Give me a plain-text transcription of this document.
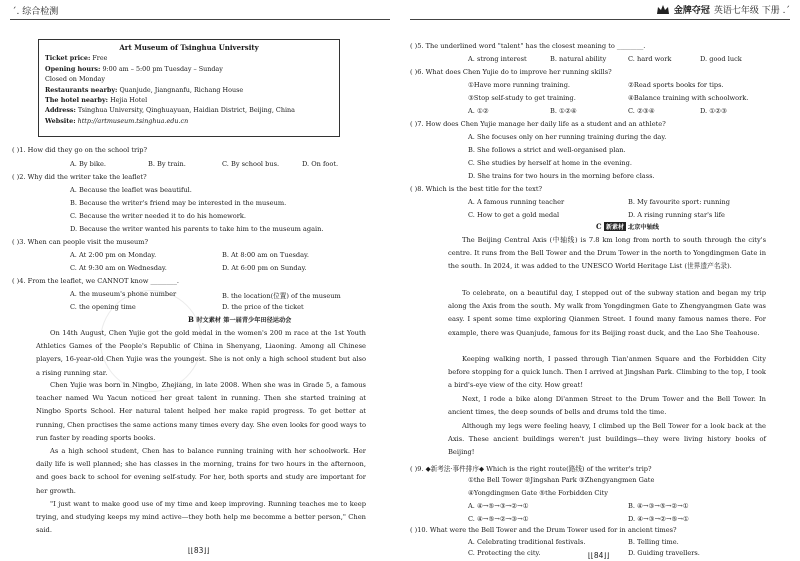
´. 综合检测
Art Museum of Tsinghua University
Ticket price: Free
Opening hours: 9:00 am – 5:00 pm Tuesday – Sunday
Closed on Monday
Restaurants nearby: Quanjude, Jiangnanfu, Richang House
The hotel nearby: Hejia Hotel
Address: Tsinghua University, Qinghuayuan, Haidian District, Beijing, China
Website: http://artmuseum.tsinghua.edu.cn
( )1. How did they go on the school trip?
A. By bike.	B. By train.	C. By school bus.	D. On foot.
( )2. Why did the writer take the leaflet?
A. Because the leaflet was beautiful.
B. Because the writer's friend may be interested in the museum.
C. Because the writer needed it to do his homework.
D. Because the writer wanted his parents to take him to the museum again.
( )3. When can people visit the museum?
A. At 2:00 pm on Monday.	B. At 8:00 am on Tuesday.
C. At 9:30 am on Wednesday.	D. At 6:00 pm on Sunday.
( )4. From the leaflet, we CANNOT know ________.
A. the museum's phone number	B. the location(位置) of the museum
C. the opening time	D. the price of the ticket
B 时文素材 第一届青少年田径运动会
On 14th August, Chen Yujie got the gold medal in the women's 200 m race at the 1st Youth Athletics Games of the People's Republic of China in Shenyang, Liaoning. Among all Chinese players, 16-year-old Chen Yujie was the youngest. She is not only a high school student but also a rising running star.
Chen Yujie was born in Ningbo, Zhejiang, in late 2008. When she was in Grade 5, a famous teacher named Wu Yacun noticed her great talent in running. Then she started training at Ningbo Sports School. Her natural talent helped her make rapid progress. To get better at running, Chen practises the same actions many times every day. She even looks for good ways to run faster by reading sports books.
As a high school student, Chen has to balance running training with her schoolwork. Her daily life is well planned; she has classes in the morning, trains for two hours in the afternoon, and goes back to school for evening self-study. For her, both sports and study are important for her growth.
"I just want to make good use of my time and keep improving. Running teaches me to keep trying, and studying keeps my mind active—they both help me becomme a better person," Chen said.
⌊⌊83⌋⌋
金牌夺冠 英语七年级 下册 .´
( )5. The underlined word "talent" has the closest meaning to ________.
A. strong interest	B. natural ability	C. hard work	D. good luck
( )6. What does Chen Yujie do to improve her running skills?
①Have more running training.	②Read sports books for tips.
③Stop self-study to get training.	④Balance training with schoolwork.
A. ①②	B. ①②④	C. ②③④	D. ①②③
( )7. How does Chen Yujie manage her daily life as a student and an athlete?
A. She focuses only on her running training during the day.
B. She follows a strict and well-organised plan.
C. She studies by herself at home in the evening.
D. She trains for two hours in the morning before class.
( )8. Which is the best title for the text?
A. A famous running teacher	B. My favourite sport: running
C. How to get a gold medal	D. A rising running star's life
C 新素材 北京中轴线
The Beijing Central Axis (中轴线) is 7.8 km long from north to south through the city's centre. It runs from the Bell Tower and the Drum Tower in the north to Yongdingmen Gate in the south. In 2024, it was added to the UNESCO World Heritage List (世界遗产名录).
To celebrate, on a beautiful day, I stepped out of the subway station and began my trip along the Axis from the south. My walk from Yongdingmen Gate to Zhengyangmen Gate was easy. I spent some time exploring Qianmen Street. I found many famous names there. For example, there was Quanjude, famous for its Beijing roast duck, and the Lao She Teahouse.
Keeping walking north, I passed through Tian'anmen Square and the Forbidden City before stopping for a quick lunch. Then I arrived at Jingshan Park. Climbing to the top, I took a bird's-eye view of the city. How great!
Next, I rode a bike along Di'anmen Street to the Drum Tower and the Bell Tower. In ancient times, the deep sounds of bells and drums told the time.
Although my legs were feeling heavy, I climbed up the Bell Tower for a look back at the Axis. These ancient buildings weren't just buildings—they were living history books of Beijing!
( )9. ◆新考法·事件排序◆ Which is the right route(路线) of the writer's trip?
①the Bell Tower ②Jingshan Park ③Zhengyangmen Gate
④Yongdingmen Gate ⑤the Forbidden City
A. ④→⑤→③→②→①	B. ④→③→⑤→②→①
C. ④→⑤→②→③→①	D. ④→③→②→⑤→①
( )10. What were the Bell Tower and the Drum Tower used for in ancient times?
A. Celebrating traditional festivals.	B. Telling time.
C. Protecting the city.	D. Guiding travellers.
⌊⌊84⌋⌋
